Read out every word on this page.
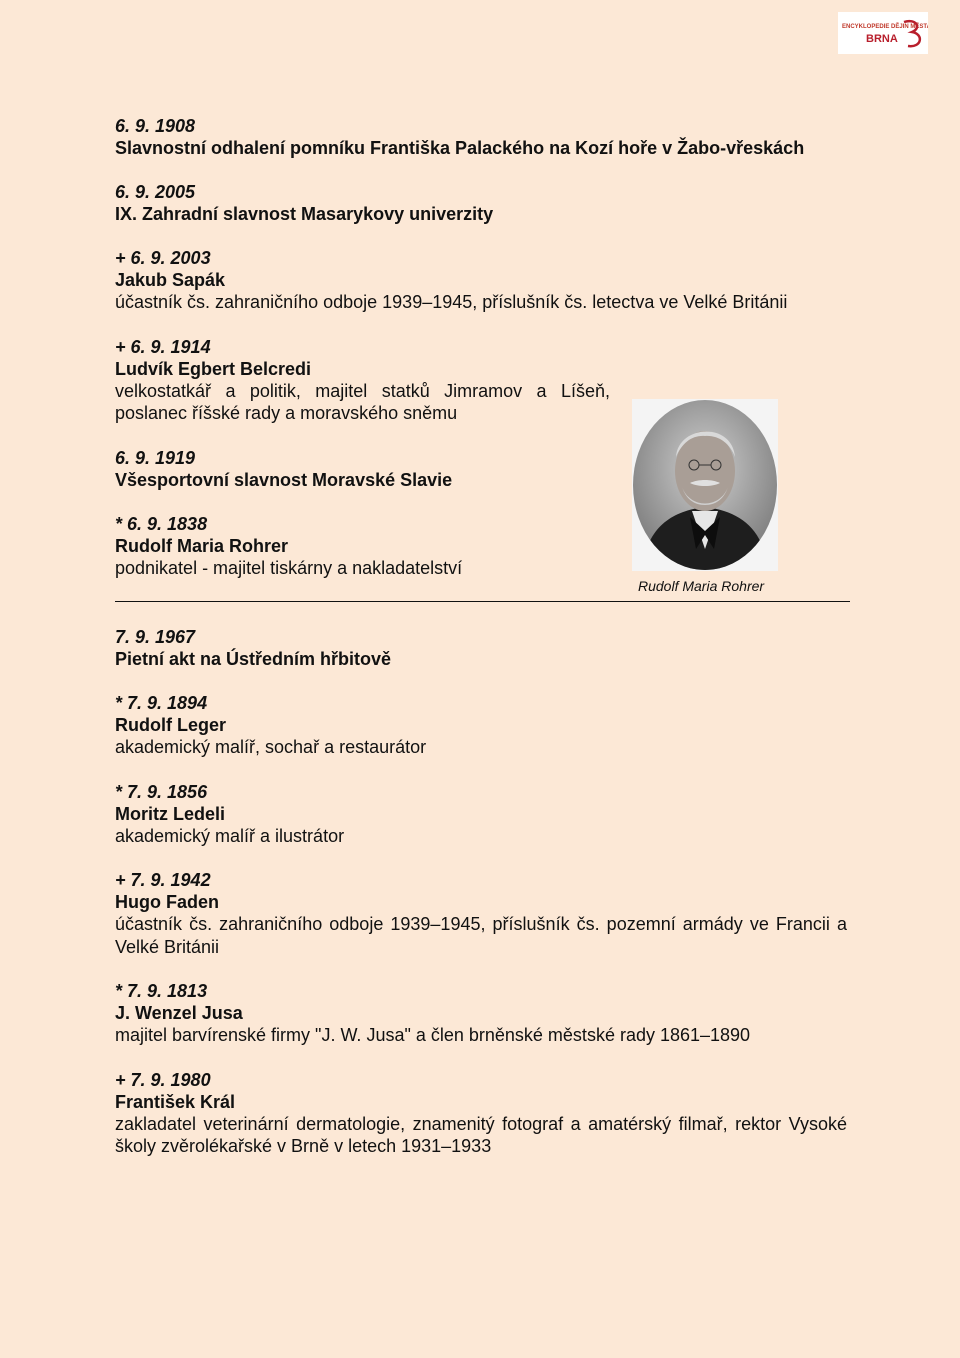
ENCYKLOPEDIE DĚJIN MĚSTA
BRNA
6. 9. 1908
Slavnostní odhalení pomníku Františka Palackého na Kozí hoře v Žabo-vřeskách
6. 9. 2005
IX. Zahradní slavnost Masarykovy univerzity
+ 6. 9. 2003
Jakub Sapák
účastník čs. zahraničního odboje 1939–1945, příslušník čs. letectva ve Velké Británii
+ 6. 9. 1914
Ludvík Egbert Belcredi
velkostatkář a politik, majitel statků Jimramov a Líšeň, poslanec říšské rady a moravského sněmu
6. 9. 1919
Všesportovní slavnost Moravské Slavie
* 6. 9. 1838
Rudolf Maria Rohrer
podnikatel - majitel tiskárny a nakladatelství
7. 9. 1967
Pietní akt na Ústředním hřbitově
* 7. 9. 1894
Rudolf Leger
akademický malíř, sochař a restaurátor
* 7. 9. 1856
Moritz Ledeli
akademický malíř a ilustrátor
+ 7. 9. 1942
Hugo Faden
účastník čs. zahraničního odboje 1939–1945, příslušník čs. pozemní armády ve Francii a Velké Británii
* 7. 9. 1813
J. Wenzel Jusa
majitel barvírenské firmy "J. W. Jusa" a člen brněnské městské rady 1861–1890
+ 7. 9. 1980
František Král
zakladatel veterinární dermatologie, znamenitý fotograf a amatérský filmař, rektor Vysoké školy zvěrolékařské v Brně v letech 1931–1933
Rudolf Maria Rohrer
